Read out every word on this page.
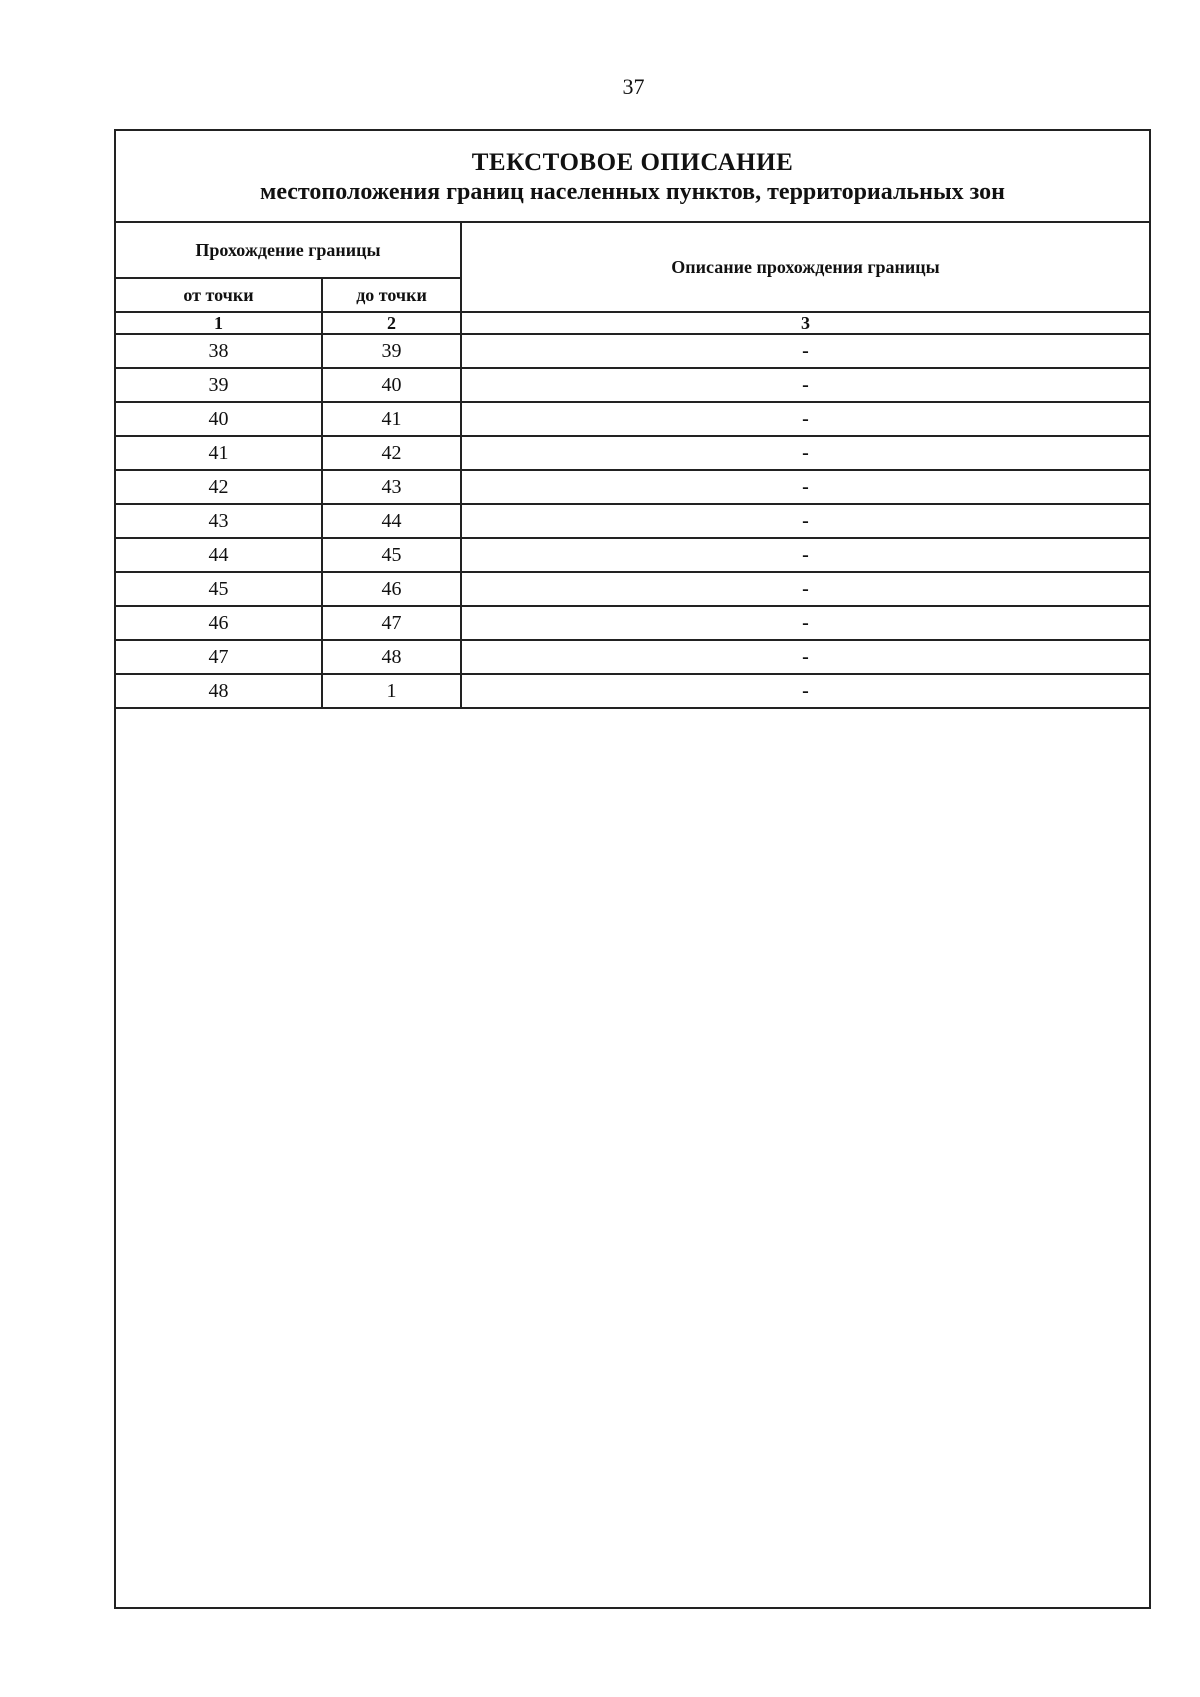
37
ТЕКСТОВОЕ ОПИСАНИЕ
местоположения границ населенных пунктов, территориальных зон
Прохождение границы		Описание прохождения границы
от точки	до точки	
1	2	3
38	39	-
39	40	-
40	41	-
41	42	-
42	43	-
43	44	-
44	45	-
45	46	-
46	47	-
47	48	-
48	1	-
